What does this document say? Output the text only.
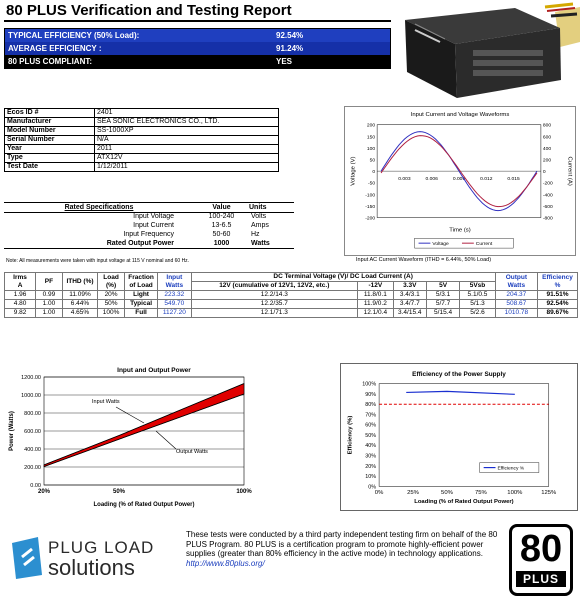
80 PLUS Verification and Testing Report
TYPICAL EFFICIENCY (50% Load):	92.54%
AVERAGE EFFICIENCY :	91.24%
80 PLUS COMPLIANT:	YES
Ecos ID #	2401
Manufacturer	SEA SONIC ELECTRONICS CO., LTD.
Model Number	SS-1000XP
Serial Number	N/A
Year	2011
Type	ATX12V
Test Date	1/12/2011
Rated Specifications	Value	Units
Input Voltage	100-240	Volts
Input Current	13-6.5	Amps
Input Frequency	50-60	Hz
Rated Output Power	1000	Watts
Note: All measurements were taken with input voltage at 115 V nominal and 60 Hz.
Input Current and Voltage Waveforms
200
150
100
50
0
-50
-100
-150
-200
800
600
400
200
0
-200
-400
-600
-800
0.003	0.006	0.009	0.012	0.015
Time (s)
Voltage (V)	Current (A)
Voltage	Current
Input AC Current Waveform (ITHD = 6.44%, 50% Load)
Irms
A	PF	ITHD (%)	Load (%)	Fraction of Load	Input Watts	DC Terminal Voltage (V)/ DC Load Current (A)					Output Watts	Efficiency
%
						12V (cumulative of 12V1, 12V2, etc.)	-12V	3.3V	5V	5Vsb		
1.96	0.99	11.09%	20%	Light	223.32	12.2/14.3	11.8/0.1	3.4/3.1	5/3.1	5.1/0.5	204.37	91.51%
4.80	1.00	6.44%	50%	Typical	549.70	12.2/35.7	11.9/0.2	3.4/7.7	5/7.7	5/1.3	508.67	92.54%
9.82	1.00	4.65%	100%	Full	1127.20	12.1/71.3	12.1/0.4	3.4/15.4	5/15.4	5/2.6	1010.78	89.67%
Input and Output Power
1200.00
1000.00
800.00
600.00
400.00
200.00
0.00
20%	50%	100%
Loading (% of Rated Output Power)
Power (Watts)
Input Watts
Output Watts
Efficiency of the Power Supply
100%
90%
80%
70%
60%
50%
40%
30%
20%
10%
0%
0%	25%	50%	75%	100%	125%
Loading (% of Rated Output Power)
Efficiency (%)
Efficiency %
PLUG LOAD
solutions
These tests were conducted by a third party independent testing firm on behalf of the 80 PLUS Program. 80 PLUS is a certification program to promote highly-efficient power supplies (greater than 80% efficiency in the active mode) in technology applications. http://www.80plus.org/	80
PLUS
